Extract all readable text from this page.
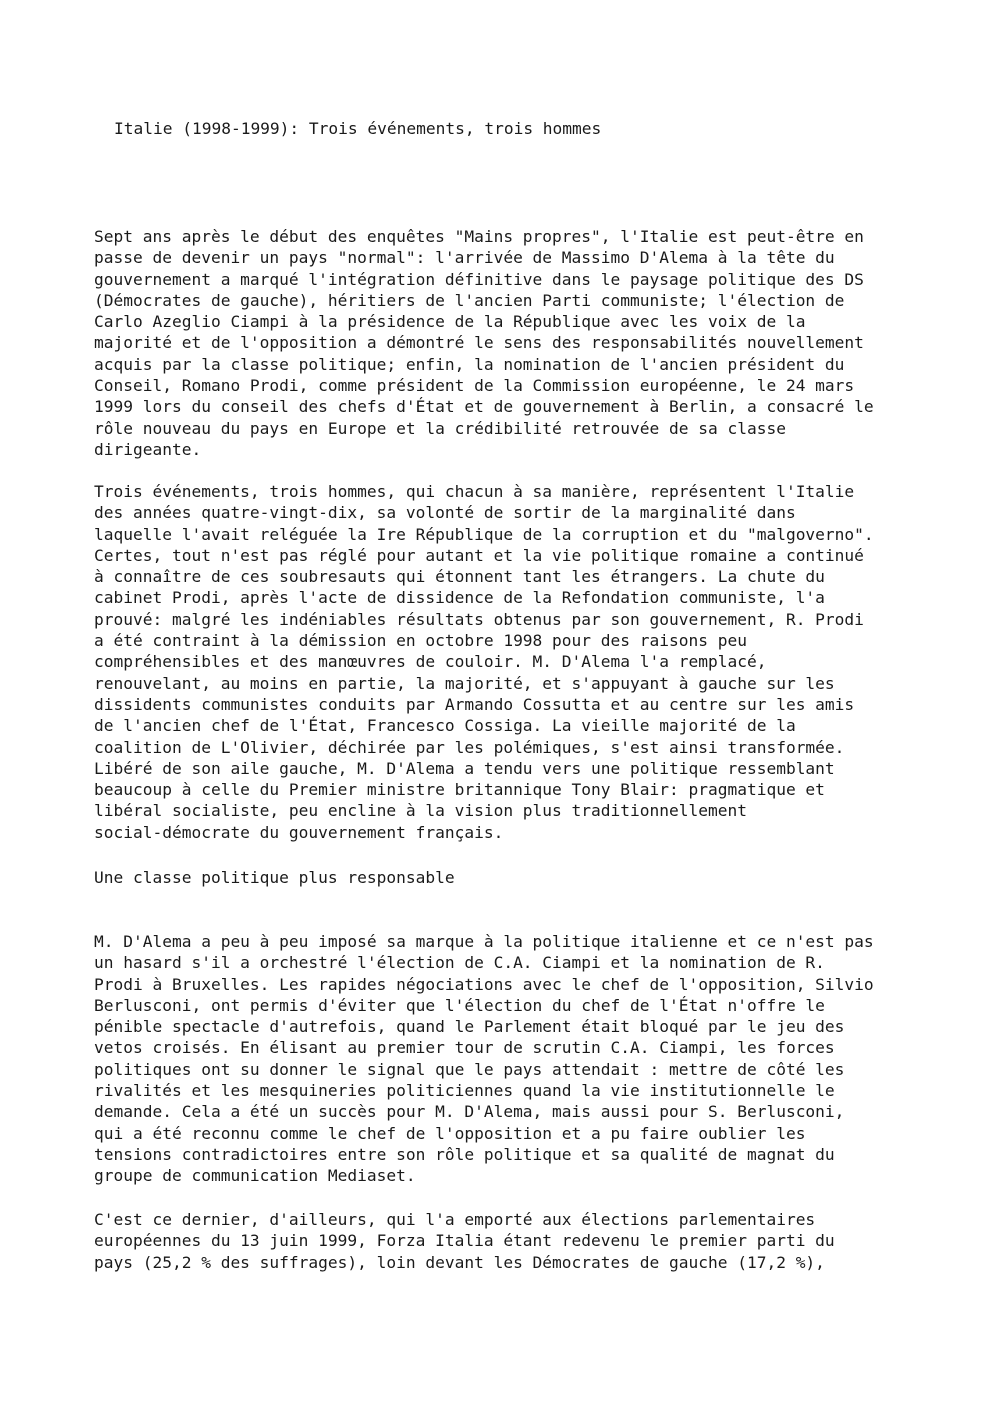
Italie (1998-1999): Trois événements, trois hommes

Sept ans après le début des enquêtes "Mains propres", l'Italie est peut-être en
passe de devenir un pays "normal": l'arrivée de Massimo D'Alema à la tête du
gouvernement a marqué l'intégration définitive dans le paysage politique des DS
(Démocrates de gauche), héritiers de l'ancien Parti communiste; l'élection de
Carlo Azeglio Ciampi à la présidence de la République avec les voix de la
majorité et de l'opposition a démontré le sens des responsabilités nouvellement
acquis par la classe politique; enfin, la nomination de l'ancien président du
Conseil, Romano Prodi, comme président de la Commission européenne, le 24 mars
1999 lors du conseil des chefs d'État et de gouvernement à Berlin, a consacré le
rôle nouveau du pays en Europe et la crédibilité retrouvée de sa classe
dirigeante.

Trois événements, trois hommes, qui chacun à sa manière, représentent l'Italie
des années quatre-vingt-dix, sa volonté de sortir de la marginalité dans
laquelle l'avait reléguée la Ire République de la corruption et du "malgoverno".
Certes, tout n'est pas réglé pour autant et la vie politique romaine a continué
à connaître de ces soubresauts qui étonnent tant les étrangers. La chute du
cabinet Prodi, après l'acte de dissidence de la Refondation communiste, l'a
prouvé: malgré les indéniables résultats obtenus par son gouvernement, R. Prodi
a été contraint à la démission en octobre 1998 pour des raisons peu
compréhensibles et des manœuvres de couloir. M. D'Alema l'a remplacé,
renouvelant, au moins en partie, la majorité, et s'appuyant à gauche sur les
dissidents communistes conduits par Armando Cossutta et au centre sur les amis
de l'ancien chef de l'État, Francesco Cossiga. La vieille majorité de la
coalition de L'Olivier, déchirée par les polémiques, s'est ainsi transformée.
Libéré de son aile gauche, M. D'Alema a tendu vers une politique ressemblant
beaucoup à celle du Premier ministre britannique Tony Blair: pragmatique et
libéral socialiste, peu encline à la vision plus traditionnellement
social-démocrate du gouvernement français.

Une classe politique plus responsable

M. D'Alema a peu à peu imposé sa marque à la politique italienne et ce n'est pas
un hasard s'il a orchestré l'élection de C.A. Ciampi et la nomination de R.
Prodi à Bruxelles. Les rapides négociations avec le chef de l'opposition, Silvio
Berlusconi, ont permis d'éviter que l'élection du chef de l'État n'offre le
pénible spectacle d'autrefois, quand le Parlement était bloqué par le jeu des
vetos croisés. En élisant au premier tour de scrutin C.A. Ciampi, les forces
politiques ont su donner le signal que le pays attendait : mettre de côté les
rivalités et les mesquineries politiciennes quand la vie institutionnelle le
demande. Cela a été un succès pour M. D'Alema, mais aussi pour S. Berlusconi,
qui a été reconnu comme le chef de l'opposition et a pu faire oublier les
tensions contradictoires entre son rôle politique et sa qualité de magnat du
groupe de communication Mediaset.

C'est ce dernier, d'ailleurs, qui l'a emporté aux élections parlementaires
européennes du 13 juin 1999, Forza Italia étant redevenu le premier parti du
pays (25,2 % des suffrages), loin devant les Démocrates de gauche (17,2 %),
